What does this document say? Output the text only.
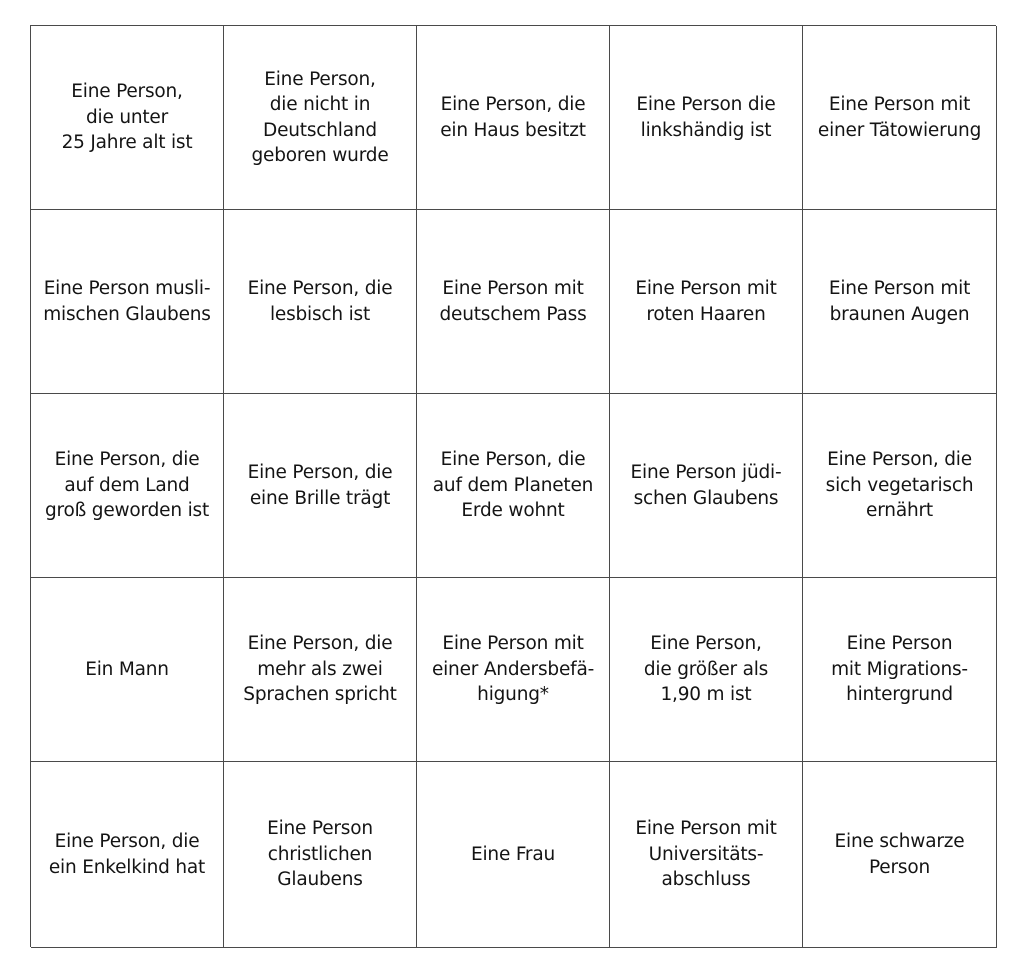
Eine Person,
die unter
25 Jahre alt ist
Eine Person,
die nicht in
Deutschland
geboren wurde
Eine Person, die
ein Haus besitzt
Eine Person die
linkshändig ist
Eine Person mit
einer Tätowierung
Eine Person musli-
mischen Glaubens
Eine Person, die
lesbisch ist
Eine Person mit
deutschem Pass
Eine Person mit
roten Haaren
Eine Person mit
braunen Augen
Eine Person, die
auf dem Land
groß geworden ist
Eine Person, die
eine Brille trägt
Eine Person, die
auf dem Planeten
Erde wohnt
Eine Person jüdi-
schen Glaubens
Eine Person, die
sich vegetarisch
ernährt
Ein Mann
Eine Person, die
mehr als zwei
Sprachen spricht
Eine Person mit
einer Andersbefä-
higung*
Eine Person,
die größer als
1,90 m ist
Eine Person
mit Migrations-
hintergrund
Eine Person, die
ein Enkelkind hat
Eine Person
christlichen
Glaubens
Eine Frau
Eine Person mit
Universitäts-
abschluss
Eine schwarze
Person
